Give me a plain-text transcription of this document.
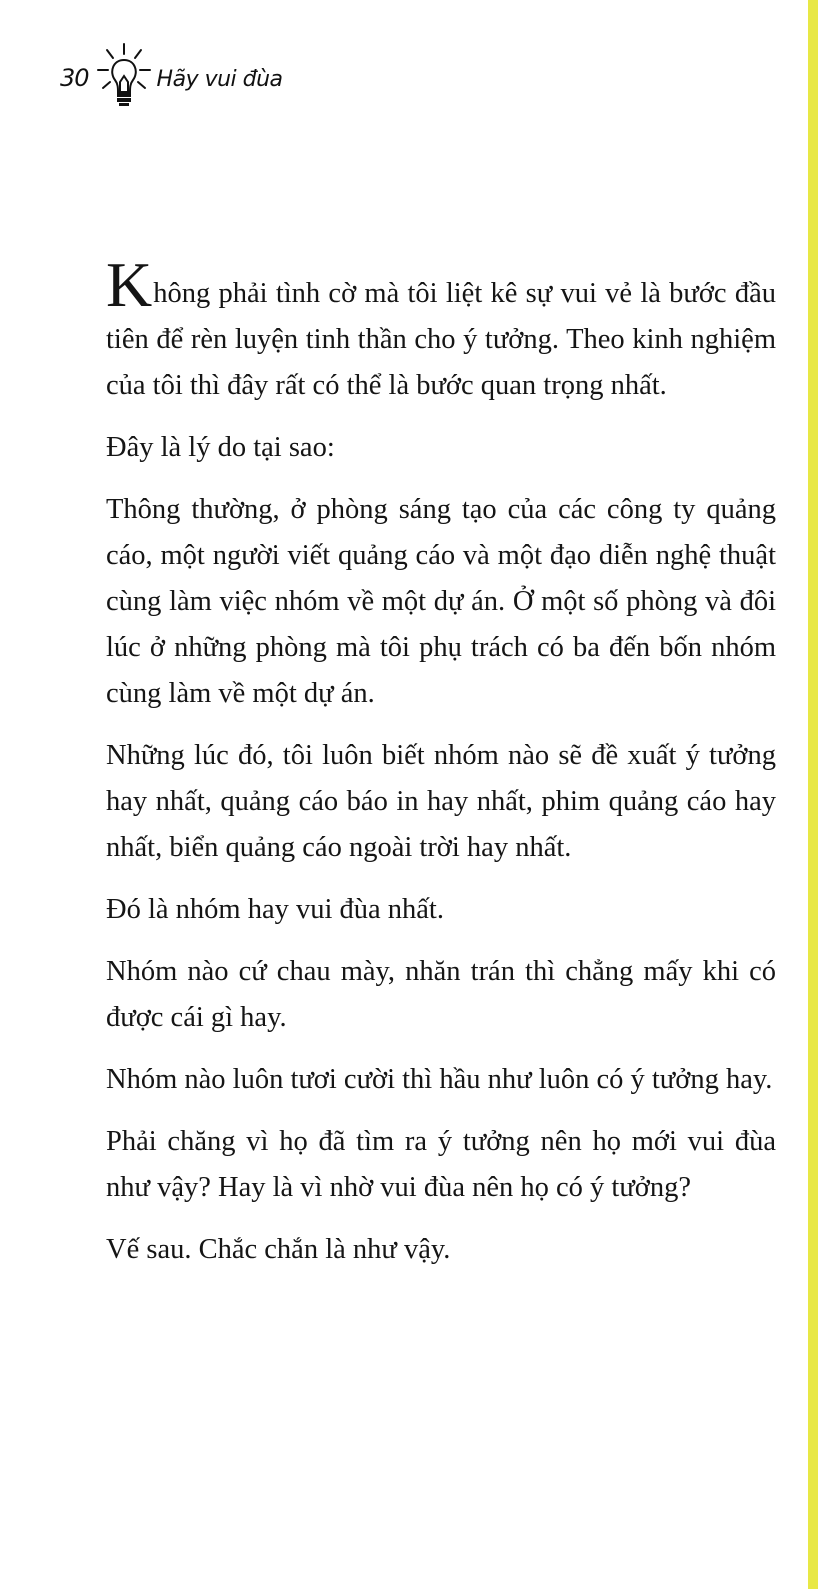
30	Hãy vui đùa

Không phải tình cờ mà tôi liệt kê sự vui vẻ là bước đầu tiên để rèn luyện tinh thần cho ý tưởng. Theo kinh nghiệm của tôi thì đây rất có thể là bước quan trọng nhất.

Đây là lý do tại sao:

Thông thường, ở phòng sáng tạo của các công ty quảng cáo, một người viết quảng cáo và một đạo diễn nghệ thuật cùng làm việc nhóm về một dự án. Ở một số phòng và đôi lúc ở những phòng mà tôi phụ trách có ba đến bốn nhóm cùng làm về một dự án.

Những lúc đó, tôi luôn biết nhóm nào sẽ đề xuất ý tưởng hay nhất, quảng cáo báo in hay nhất, phim quảng cáo hay nhất, biển quảng cáo ngoài trời hay nhất.

Đó là nhóm hay vui đùa nhất.

Nhóm nào cứ chau mày, nhăn trán thì chẳng mấy khi có được cái gì hay.

Nhóm nào luôn tươi cười thì hầu như luôn có ý tưởng hay.

Phải chăng vì họ đã tìm ra ý tưởng nên họ mới vui đùa như vậy? Hay là vì nhờ vui đùa nên họ có ý tưởng?

Vế sau. Chắc chắn là như vậy.
